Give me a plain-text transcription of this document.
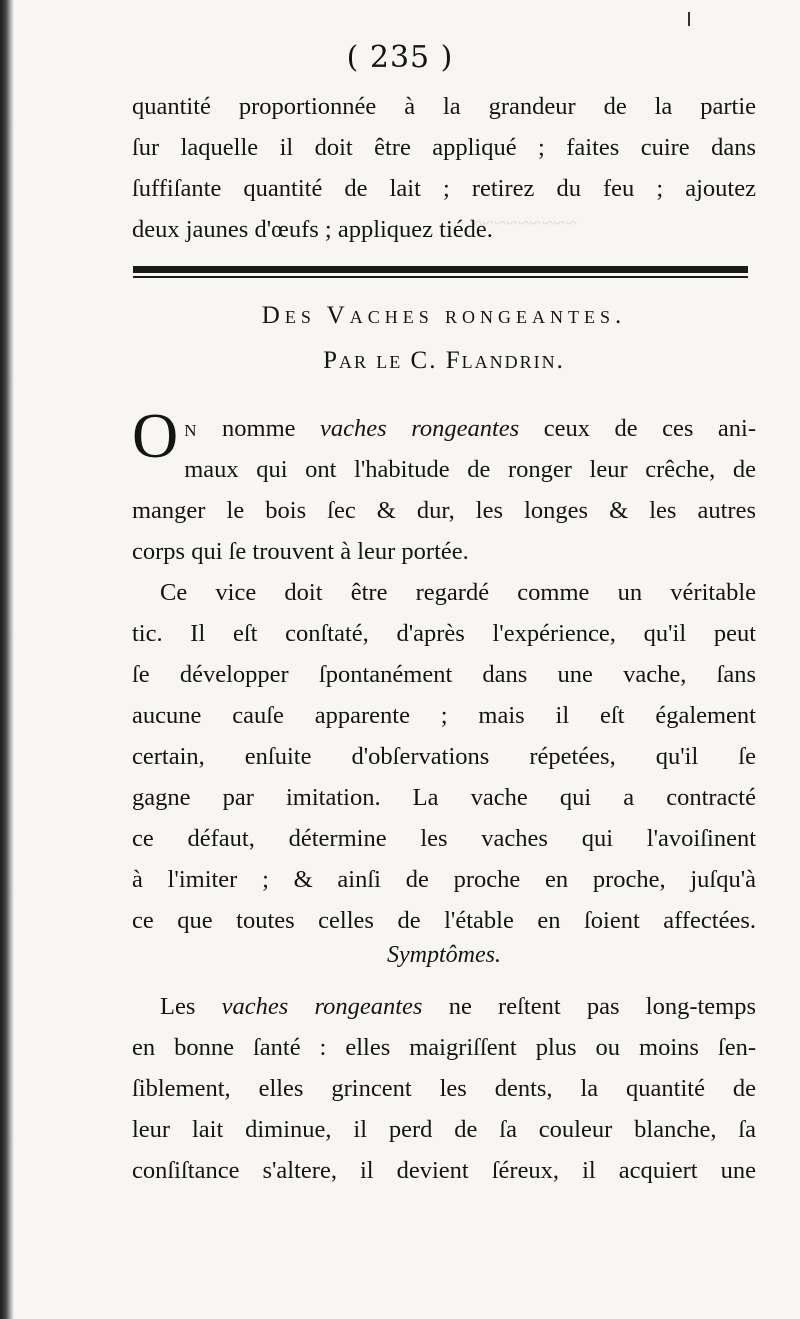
~~~~~~~~~
( 235 )
quantité proportionnée à la grandeur de la partie
ſur laquelle il doit être appliqué ; faites cuire dans
ſuffiſante quantité de lait ; retirez du feu ; ajoutez
deux jaunes d'œufs ; appliquez tiéde.
Des Vaches rongeantes.
Par le C. Flandrin.
O n nomme vaches rongeantes ceux de ces ani-
maux qui ont l'habitude de ronger leur crêche, de
manger le bois ſec & dur, les longes & les autres
corps qui ſe trouvent à leur portée.
Ce vice doit être regardé comme un véritable
tic. Il eſt conſtaté, d'après l'expérience, qu'il peut
ſe développer ſpontanément dans une vache, ſans
aucune cauſe apparente ; mais il eſt également
certain, enſuite d'obſervations répetées, qu'il ſe
gagne par imitation. La vache qui a contracté
ce défaut, détermine les vaches qui l'avoiſinent
à l'imiter ; & ainſi de proche en proche, juſqu'à
ce que toutes celles de l'étable en ſoient affectées.
Symptômes.
Les vaches rongeantes ne reſtent pas long-temps
en bonne ſanté : elles maigriſſent plus ou moins ſen-
ſiblement, elles grincent les dents, la quantité de
leur lait diminue, il perd de ſa couleur blanche, ſa
conſiſtance s'altere, il devient ſéreux, il acquiert une
